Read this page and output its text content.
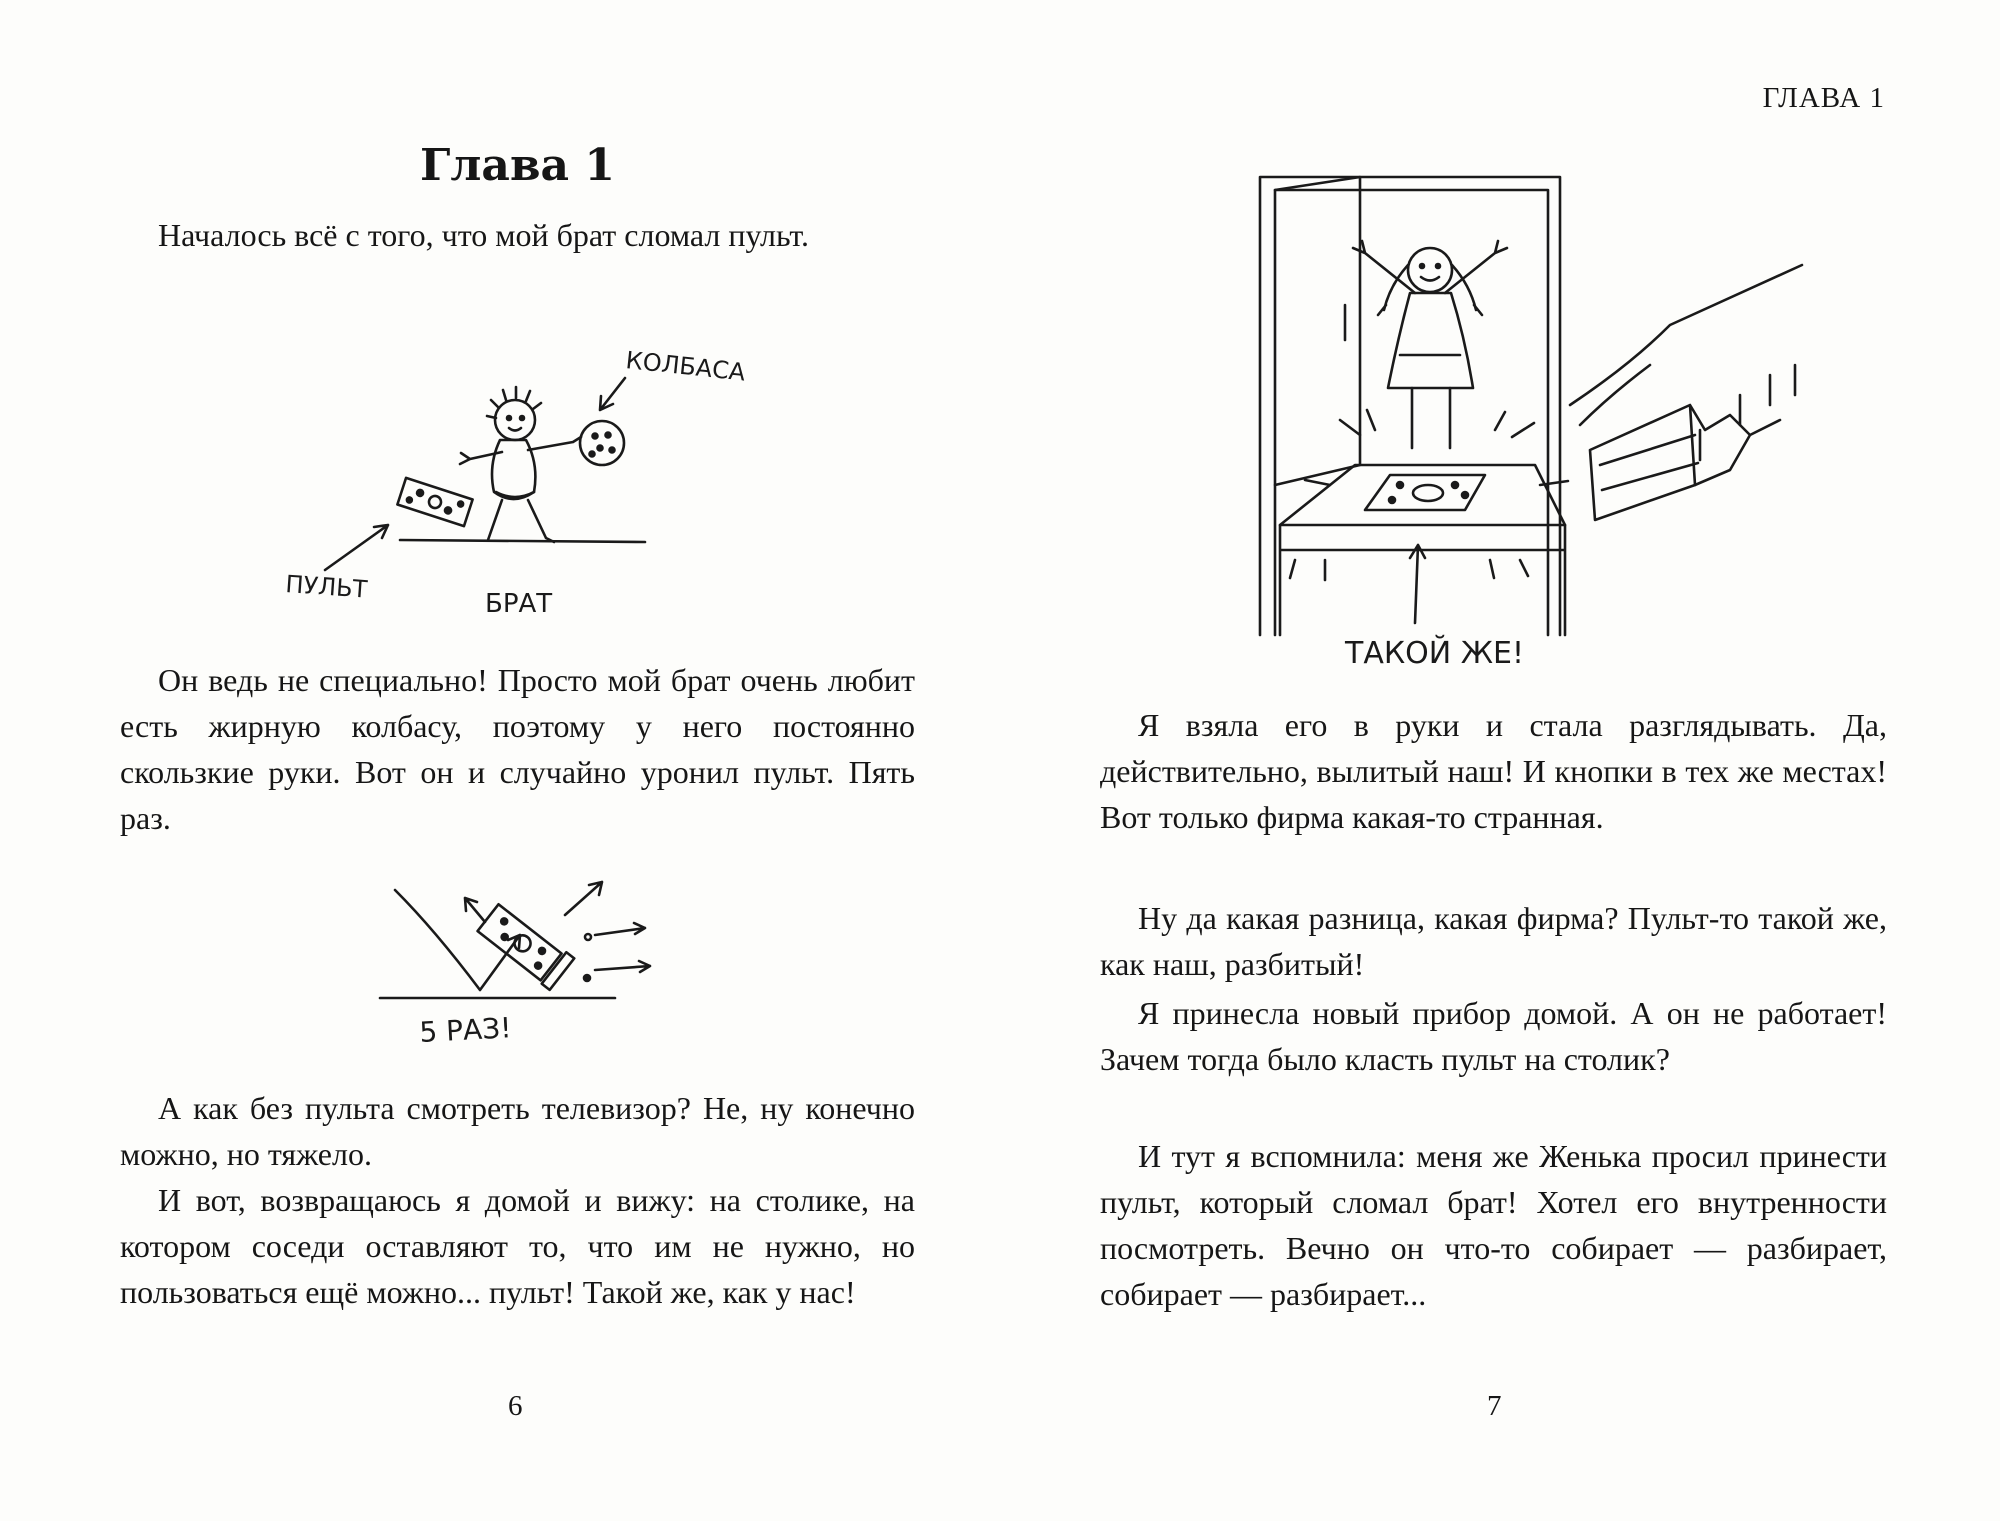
Глава 1

Началось всё с того, что мой брат сломал пульт.

КОЛБАСА
ПУЛЬТ
БРАТ

Он ведь не специально! Просто мой брат очень любит есть жирную колбасу, поэтому у него постоянно скользкие руки. Вот он и случайно уронил пульт. Пять раз.

5 РАЗ!

А как без пульта смотреть телевизор? Не, ну конечно можно, но тяжело.

И вот, возвращаюсь я домой и вижу: на столике, на котором соседи оставляют то, что им не нужно, но пользоваться ещё можно... пульт! Такой же, как у нас!

6

ГЛАВА 1

ТАКОЙ ЖЕ!

Я взяла его в руки и стала разглядывать. Да, действительно, вылитый наш! И кнопки в тех же местах! Вот только фирма какая-то странная.

Ну да какая разница, какая фирма? Пульт-то такой же, как наш, разбитый!

Я принесла новый прибор домой. А он не работает! Зачем тогда было класть пульт на столик?

И тут я вспомнила: меня же Женька просил принести пульт, который сломал брат! Хотел его внутренности посмотреть. Вечно он что-то собирает — разбирает, собирает — разбирает...

7
